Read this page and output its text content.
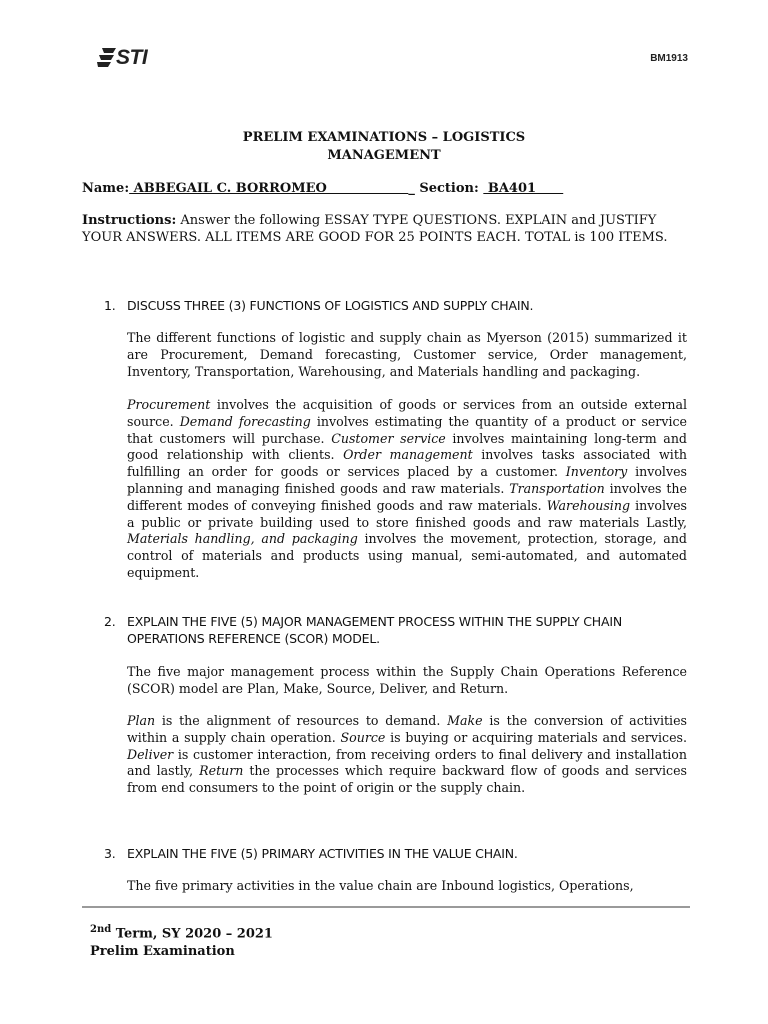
STI	BM1913
PRELIM EXAMINATIONS – LOGISTICS
MANAGEMENT
Name: ABBEGAIL C. BORROMEO                  _ Section:  BA401
Instructions: Answer the following ESSAY TYPE QUESTIONS. EXPLAIN and JUSTIFY YOUR ANSWERS. ALL ITEMS ARE GOOD FOR 25 POINTS EACH. TOTAL is 100 ITEMS.
1. DISCUSS THREE (3) FUNCTIONS OF LOGISTICS AND SUPPLY CHAIN.
The different functions of logistic and supply chain as Myerson (2015) summarized it are Procurement, Demand forecasting, Customer service, Order management, Inventory, Transportation, Warehousing, and Materials handling and packaging.
Procurement involves the acquisition of goods or services from an outside external source. Demand forecasting involves estimating the quantity of a product or service that customers will purchase. Customer service involves maintaining long-term and good relationship with clients. Order management involves tasks associated with fulfilling an order for goods or services placed by a customer. Inventory involves planning and managing finished goods and raw materials. Transportation involves the different modes of conveying finished goods and raw materials. Warehousing involves a public or private building used to store finished goods and raw materials Lastly, Materials handling, and packaging involves the movement, protection, storage, and control of materials and products using manual, semi-automated, and automated equipment.
2. EXPLAIN THE FIVE (5) MAJOR MANAGEMENT PROCESS WITHIN THE SUPPLY CHAIN OPERATIONS REFERENCE (SCOR) MODEL.
The five major management process within the Supply Chain Operations Reference (SCOR) model are Plan, Make, Source, Deliver, and Return.
Plan is the alignment of resources to demand. Make is the conversion of activities within a supply chain operation. Source is buying or acquiring materials and services. Deliver is customer interaction, from receiving orders to final delivery and installation and lastly, Return the processes which require backward flow of goods and services from end consumers to the point of origin or the supply chain.
3. EXPLAIN THE FIVE (5) PRIMARY ACTIVITIES IN THE VALUE CHAIN.
The five primary activities in the value chain are Inbound logistics, Operations,
$^{2nd}$ Term, SY 2020 – 2021
Prelim Examination
